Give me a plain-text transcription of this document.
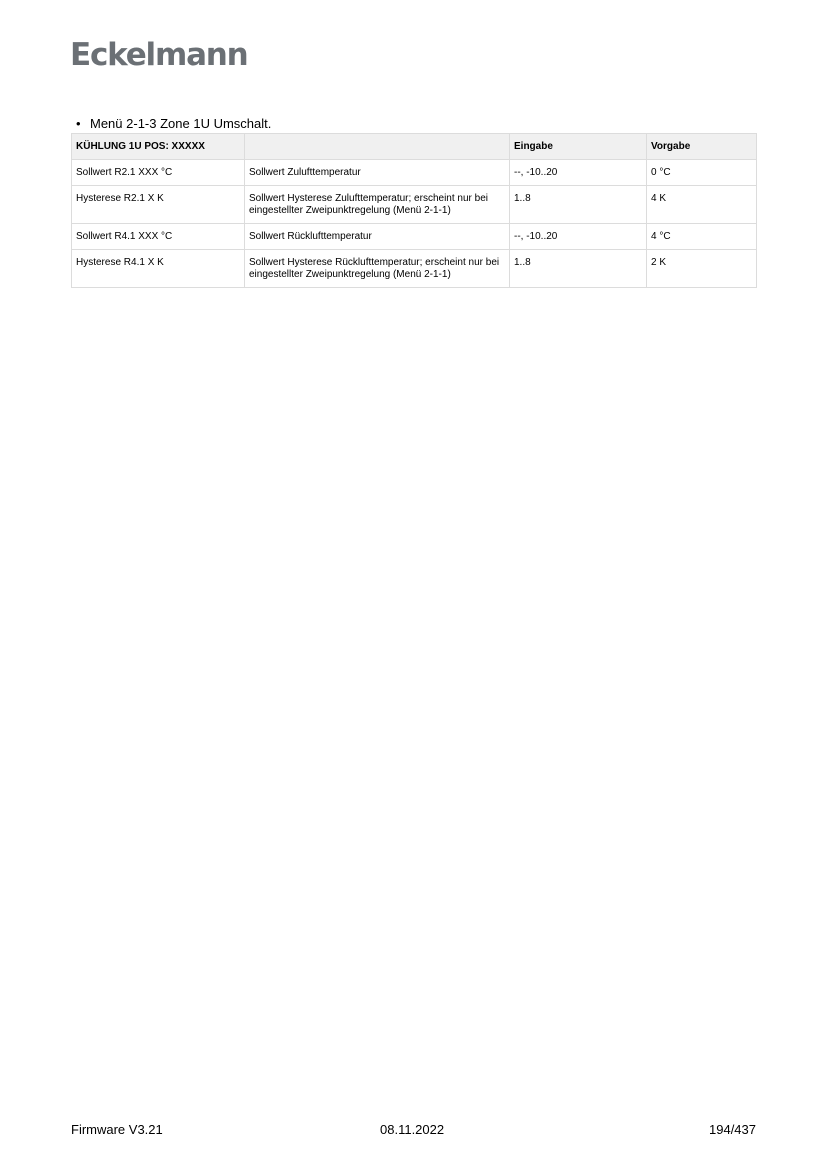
Eckelmann
• Menü 2-1-3 Zone 1U Umschalt.
KÜHLUNG 1U POS: XXXXX		Eingabe	Vorgabe
Sollwert R2.1 XXX °C	Sollwert Zulufttemperatur	--, -10..20	0 °C
Hysterese R2.1 X K	Sollwert Hysterese Zulufttemperatur; erscheint nur bei eingestellter Zweipunktregelung (Menü 2-1-1)	1..8	4 K
Sollwert R4.1 XXX °C	Sollwert Rücklufttemperatur	--, -10..20	4 °C
Hysterese R4.1 X K	Sollwert Hysterese Rücklufttemperatur; erscheint nur bei eingestellter Zweipunktregelung (Menü 2-1-1)	1..8	2 K
Firmware V3.21	08.11.2022	194/437
